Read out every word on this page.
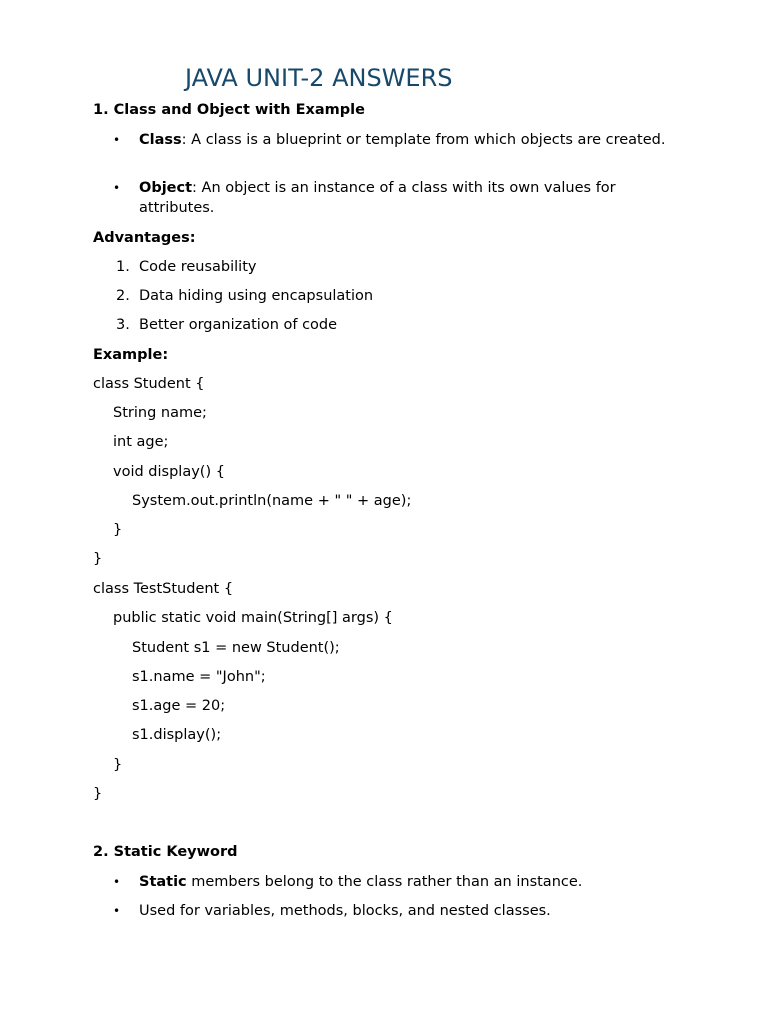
JAVA UNIT-2 ANSWERS
1. Class and Object with Example
• Class: A class is a blueprint or template from which objects are created.
• Object: An object is an instance of a class with its own values for attributes.
Advantages:
1. Code reusability
2. Data hiding using encapsulation
3. Better organization of code
Example:
class Student {
String name;
int age;
void display() {
System.out.println(name + " " + age);
}
}
class TestStudent {
public static void main(String[] args) {
Student s1 = new Student();
s1.name = "John";
s1.age = 20;
s1.display();
}
}
2. Static Keyword
• Static members belong to the class rather than an instance.
• Used for variables, methods, blocks, and nested classes.
